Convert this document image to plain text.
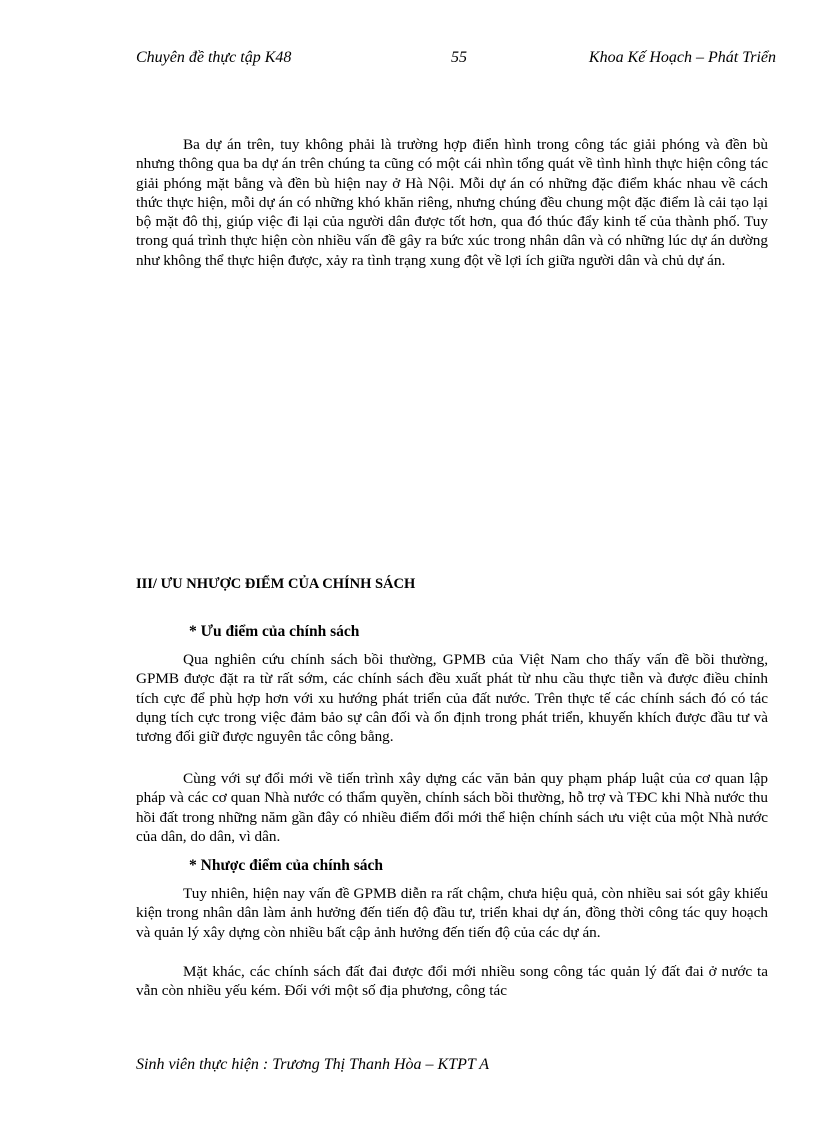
Chuyên đề thực tập K48	55	Khoa Kế Hoạch – Phát Triển

Ba dự án trên, tuy không phải là trường hợp điển hình trong công tác giải phóng và đền bù nhưng thông qua ba dự án trên chúng ta cũng có một cái nhìn tổng quát về tình hình thực hiện công tác giải phóng mặt bằng và đền bù hiện nay ở Hà Nội. Mỗi dự án có những đặc điểm khác nhau về cách thức thực hiện, mỗi dự án có những khó khăn riêng, nhưng chúng đều chung một đặc điểm là cải tạo lại bộ mặt đô thị, giúp việc đi lại của người dân được tốt hơn, qua đó thúc đẩy kinh tế của thành phố. Tuy trong quá trình thực hiện còn nhiều vấn đề gây ra bức xúc trong nhân dân và có những lúc dự án dường như không thể thực hiện được, xảy ra tình trạng xung đột về lợi ích giữa người dân và chủ dự án.

III/ ƯU NHƯỢC ĐIỂM CỦA CHÍNH SÁCH

* Ưu điểm của chính sách

Qua nghiên cứu chính sách bồi thường, GPMB của Việt Nam cho thấy vấn đề bồi thường, GPMB được đặt ra từ rất sớm, các chính sách đều xuất phát từ nhu cầu thực tiễn và được điều chỉnh tích cực để phù hợp hơn với xu hướng phát triển của đất nước. Trên thực tế các chính sách đó có tác dụng tích cực trong việc đảm bảo sự cân đối và ổn định trong phát triển, khuyến khích được đầu tư và tương đối giữ được nguyên tắc công bằng.

Cùng với sự đổi mới về tiến trình xây dựng các văn bản quy phạm pháp luật của cơ quan lập pháp và các cơ quan Nhà nước có thẩm quyền, chính sách bồi thường, hỗ trợ và TĐC khi Nhà nước thu hồi đất trong những năm gần đây có nhiều điểm đổi mới thể hiện chính sách ưu việt của một Nhà nước của dân, do dân, vì dân.

* Nhược điểm của chính sách

Tuy nhiên, hiện nay vấn đề GPMB diễn ra rất chậm, chưa hiệu quả, còn nhiều sai sót gây khiếu kiện trong nhân dân làm ảnh hưởng đến tiến độ đầu tư, triển khai dự án, đồng thời công tác quy hoạch và quản lý xây dựng còn nhiều bất cập ảnh hưởng đến tiến độ của các dự án.

Mặt khác, các chính sách đất đai được đổi mới nhiều song công tác quản lý đất đai ở nước ta vẫn còn nhiều yếu kém. Đối với một số địa phương, công tác

Sinh viên thực hiện : Trương Thị Thanh Hòa – KTPT A
